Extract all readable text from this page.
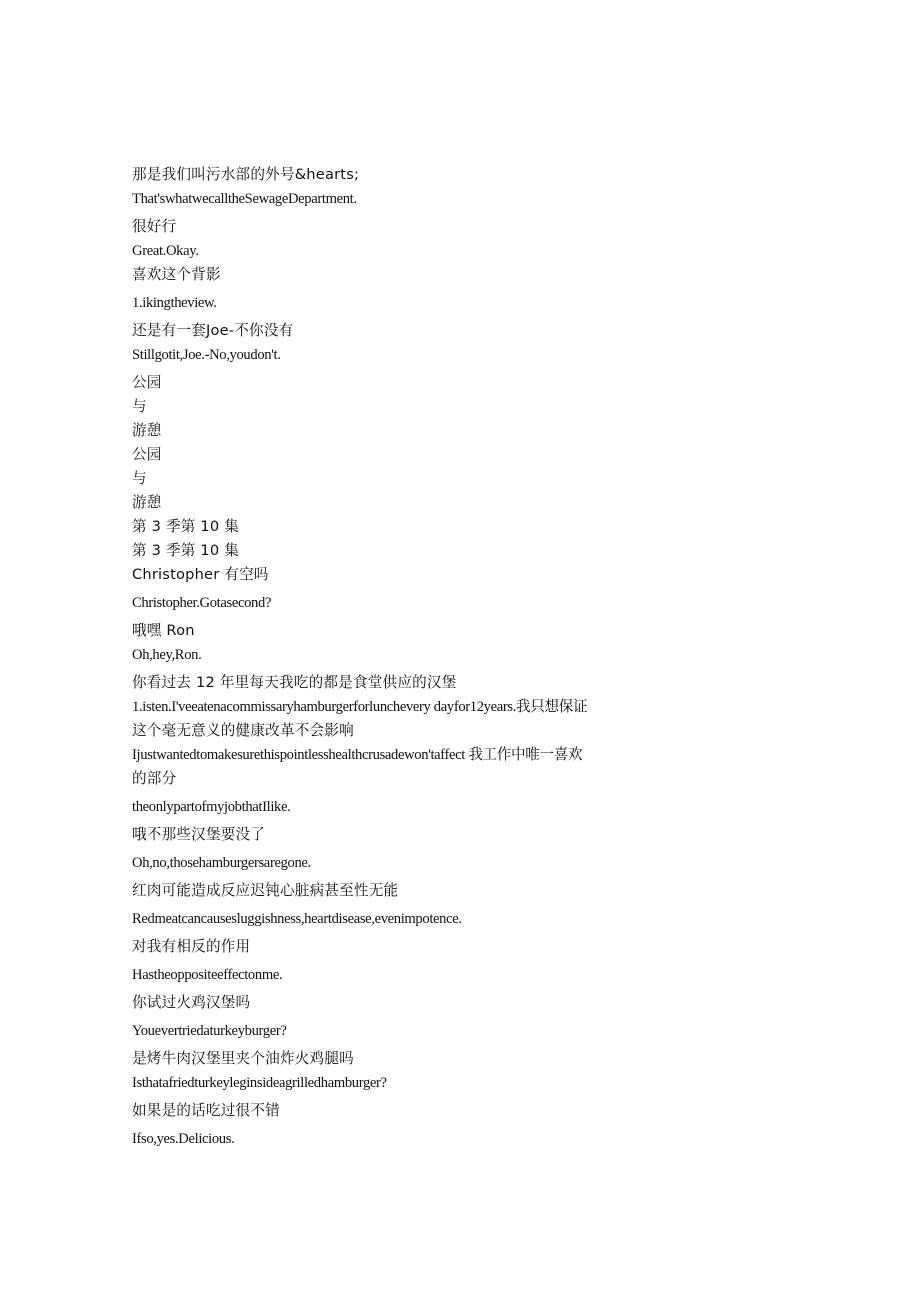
那是我们叫污水部的外号&hearts;
That'swhatwecalltheSewageDepartment.
很好行
Great.Okay.
喜欢这个背影
1.ikingtheview.
还是有一套Joe-不你没有
Stillgotit,Joe.-No,youdon't.
公园
与
游憩
公园
与
游憩
第 3 季第 10 集
第 3 季第 10 集
Christopher 有空吗
Christopher.Gotasecond?
哦嘿 Ron
Oh,hey,Ron.
你看过去 12 年里每天我吃的都是食堂供应的汉堡
1.isten.I'veeatenacommissaryhamburgerforlunchevery dayfor12years.我只想保证
这个毫无意义的健康改革不会影响
Ijustwantedtomakesurethispointlesshealthcrusadewon'taffect 我工作中唯一喜欢
的部分
theonlypartofmyjobthatIlike.
哦不那些汉堡要没了
Oh,no,thosehamburgersaregone.
红肉可能造成反应迟钝心脏病甚至性无能
Redmeatcancausesluggishness,heartdisease,evenimpotence.
对我有相反的作用
Hastheoppositeeffectonme.
你试过火鸡汉堡吗
Youevertriedaturkeyburger?
是烤牛肉汉堡里夹个油炸火鸡腿吗
Isthatafriedturkeyleginsideagrilledhamburger?
如果是的话吃过很不错
Ifso,yes.Delicious.
